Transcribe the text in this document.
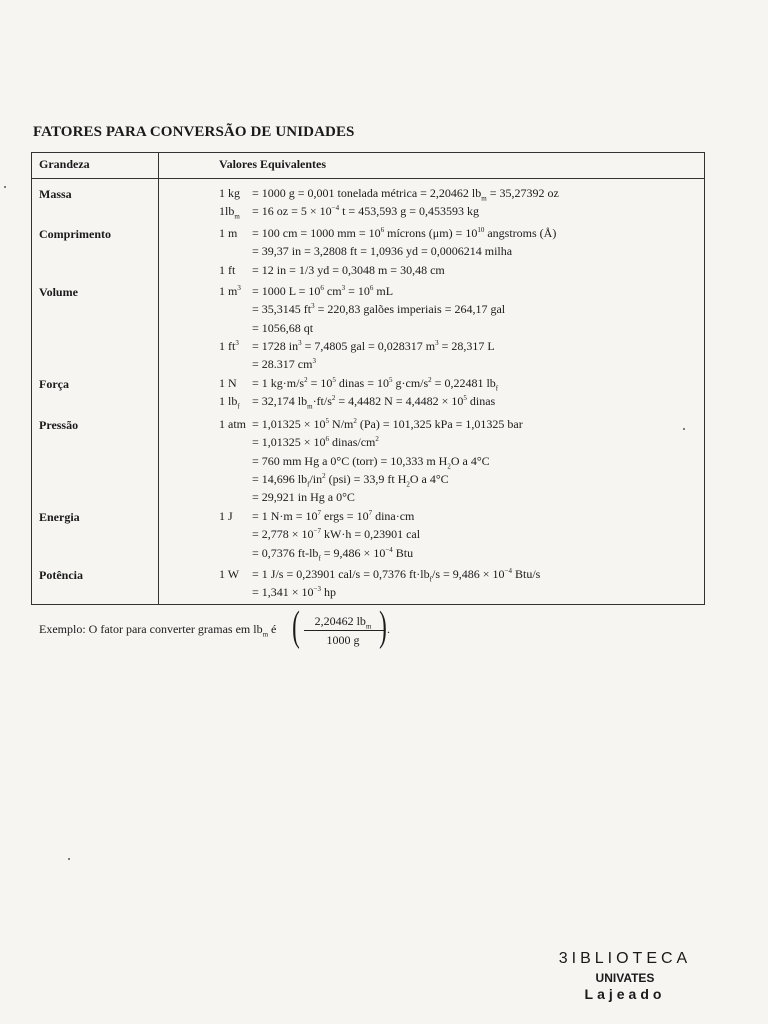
FATORES PARA CONVERSÃO DE UNIDADES
Grandeza	Valores Equivalentes
Massa	1 kg = 1000 g = 0,001 tonelada métrica = 2,20462 $lb_m = 35,27392$ oz
$1lb_m = 16$ oz = $5 \times 10^{-4}$ t = 453,593 g = 0,453593 kg
Comprimento	1 m = 100 cm = 1000 mm = $10^6$ mícrons $(\mu m) = 10^{10}$ angstroms (Å)
= 39,37 in = 3,2808 ft = 1,0936 yd = 0,0006214 milha
1 ft = 12 in = 1/3 yd = 0,3048 m = 30,48 cm
Volume	1 $m^3 = 1000$ $L = 10^6$ $cm^3 = 10^6$ mL
= 35,3145 $ft^3 = 220,83$ galões imperiais = 264,17 gal
= 1056,68 qt
1 $ft^3 = 1728$ $in^3 = 7,4805$ gal = 0,028317 $m^3 = 28,317$ L
= 28.317 $cm^3$
Força	1 N = 1 $kg\cdot m/s^2 = 10^5$ dinas = $10^5$ $g\cdot cm/s^2 = 0,22481$ $lb_f$
1 $lb_f = 32,174$ $lb_m\cdot ft/s^2 = 4,4482$ $N = 4,4482 \times 10^5$ dinas
Pressão	1 atm = $1,01325 \times 10^5$ $N/m^2$ (Pa) = 101,325 kPa = 1,01325 bar
= $1,01325 \times 10^6$ dinas/$cm^2$
= 760 mm Hg a 0°C (torr) = 10,333 m $H_2O$ a 4°C
= 14,696 $lb_f/in^2$ (psi) = 33,9 ft $H_2O$ a 4°C
= 29,921 in Hg a 0°C
Energia	1 J = 1 $N\cdot m = 10^7$ ergs = $10^7$ dina·cm
= $2,778 \times 10^{-7}$ kW·h = 0,23901 cal
= 0,7376 $ft-lb_f = 9,486 \times 10^{-4}$ Btu
Potência	1 W = 1 J/s = 0,23901 cal/s = 0,7376 $ft\cdot lb_f/s = 9,486 \times 10^{-4}$ Btu/s
= $1,341 \times 10^{-3}$ hp
Exemplo: O fator para converter gramas em $lb_m$ é (	2,20462 $lb_m$
1000 g ) .
3IBLIOTECA
UNIVATES
Lajeado
